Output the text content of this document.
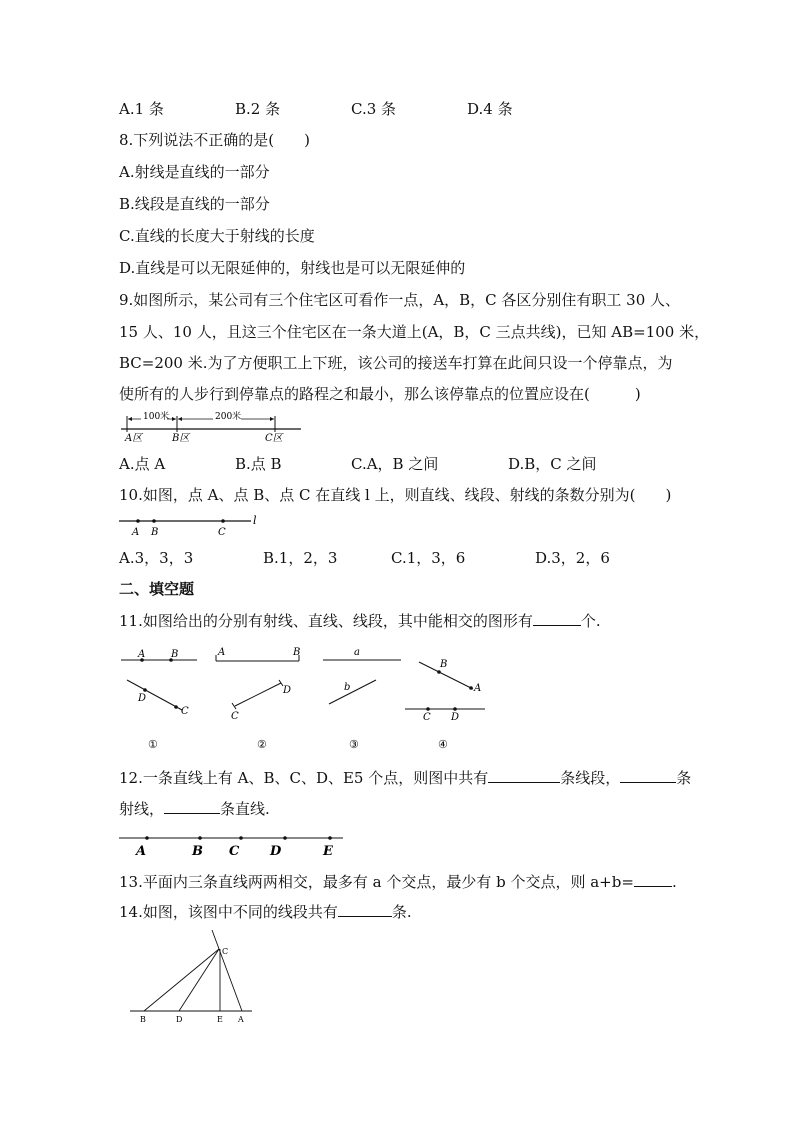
A.1 条	B.2 条	C.3 条	D.4 条
8.下列说法不正确的是(　　)
A.射线是直线的一部分
B.线段是直线的一部分
C.直线的长度大于射线的长度
D.直线是可以无限延伸的，射线也是可以无限延伸的
9.如图所示，某公司有三个住宅区可看作一点，A，B，C 各区分别住有职工 30 人、
15 人、10 人，且这三个住宅区在一条大道上(A，B，C 三点共线)，已知 AB=100 米，
BC=200 米.为了方便职工上下班，该公司的接送车打算在此间只设一个停靠点，为
使所有的人步行到停靠点的路程之和最小，那么该停靠点的位置应设在(　　　)
100米	200米
A区	B区	C区
A.点 A	B.点 B	C.A，B 之间	D.B，C 之间
10.如图，点 A、点 B、点 C 在直线 l 上，则直线、线段、射线的条数分别为(　　)
A B	C
l
A.3，3，3	B.1，2，3	C.1，3，6	D.3，2，6
二、填空题
11.如图给出的分别有射线、直线、线段，其中能相交的图形有	个.
A	B
D
C
A	B
C
D
a
b
B
A
C D
①	②	③	④
12.一条直线上有 A、B、C、D、E5 个点，则图中共有	条线段，	条
射线，	条直线.
A	B C D	E
13.平面内三条直线两两相交，最多有 a 个交点，最少有 b 个交点，则 a+b=	.
14.如图，该图中不同的线段共有	条.
C
B	D	E A
